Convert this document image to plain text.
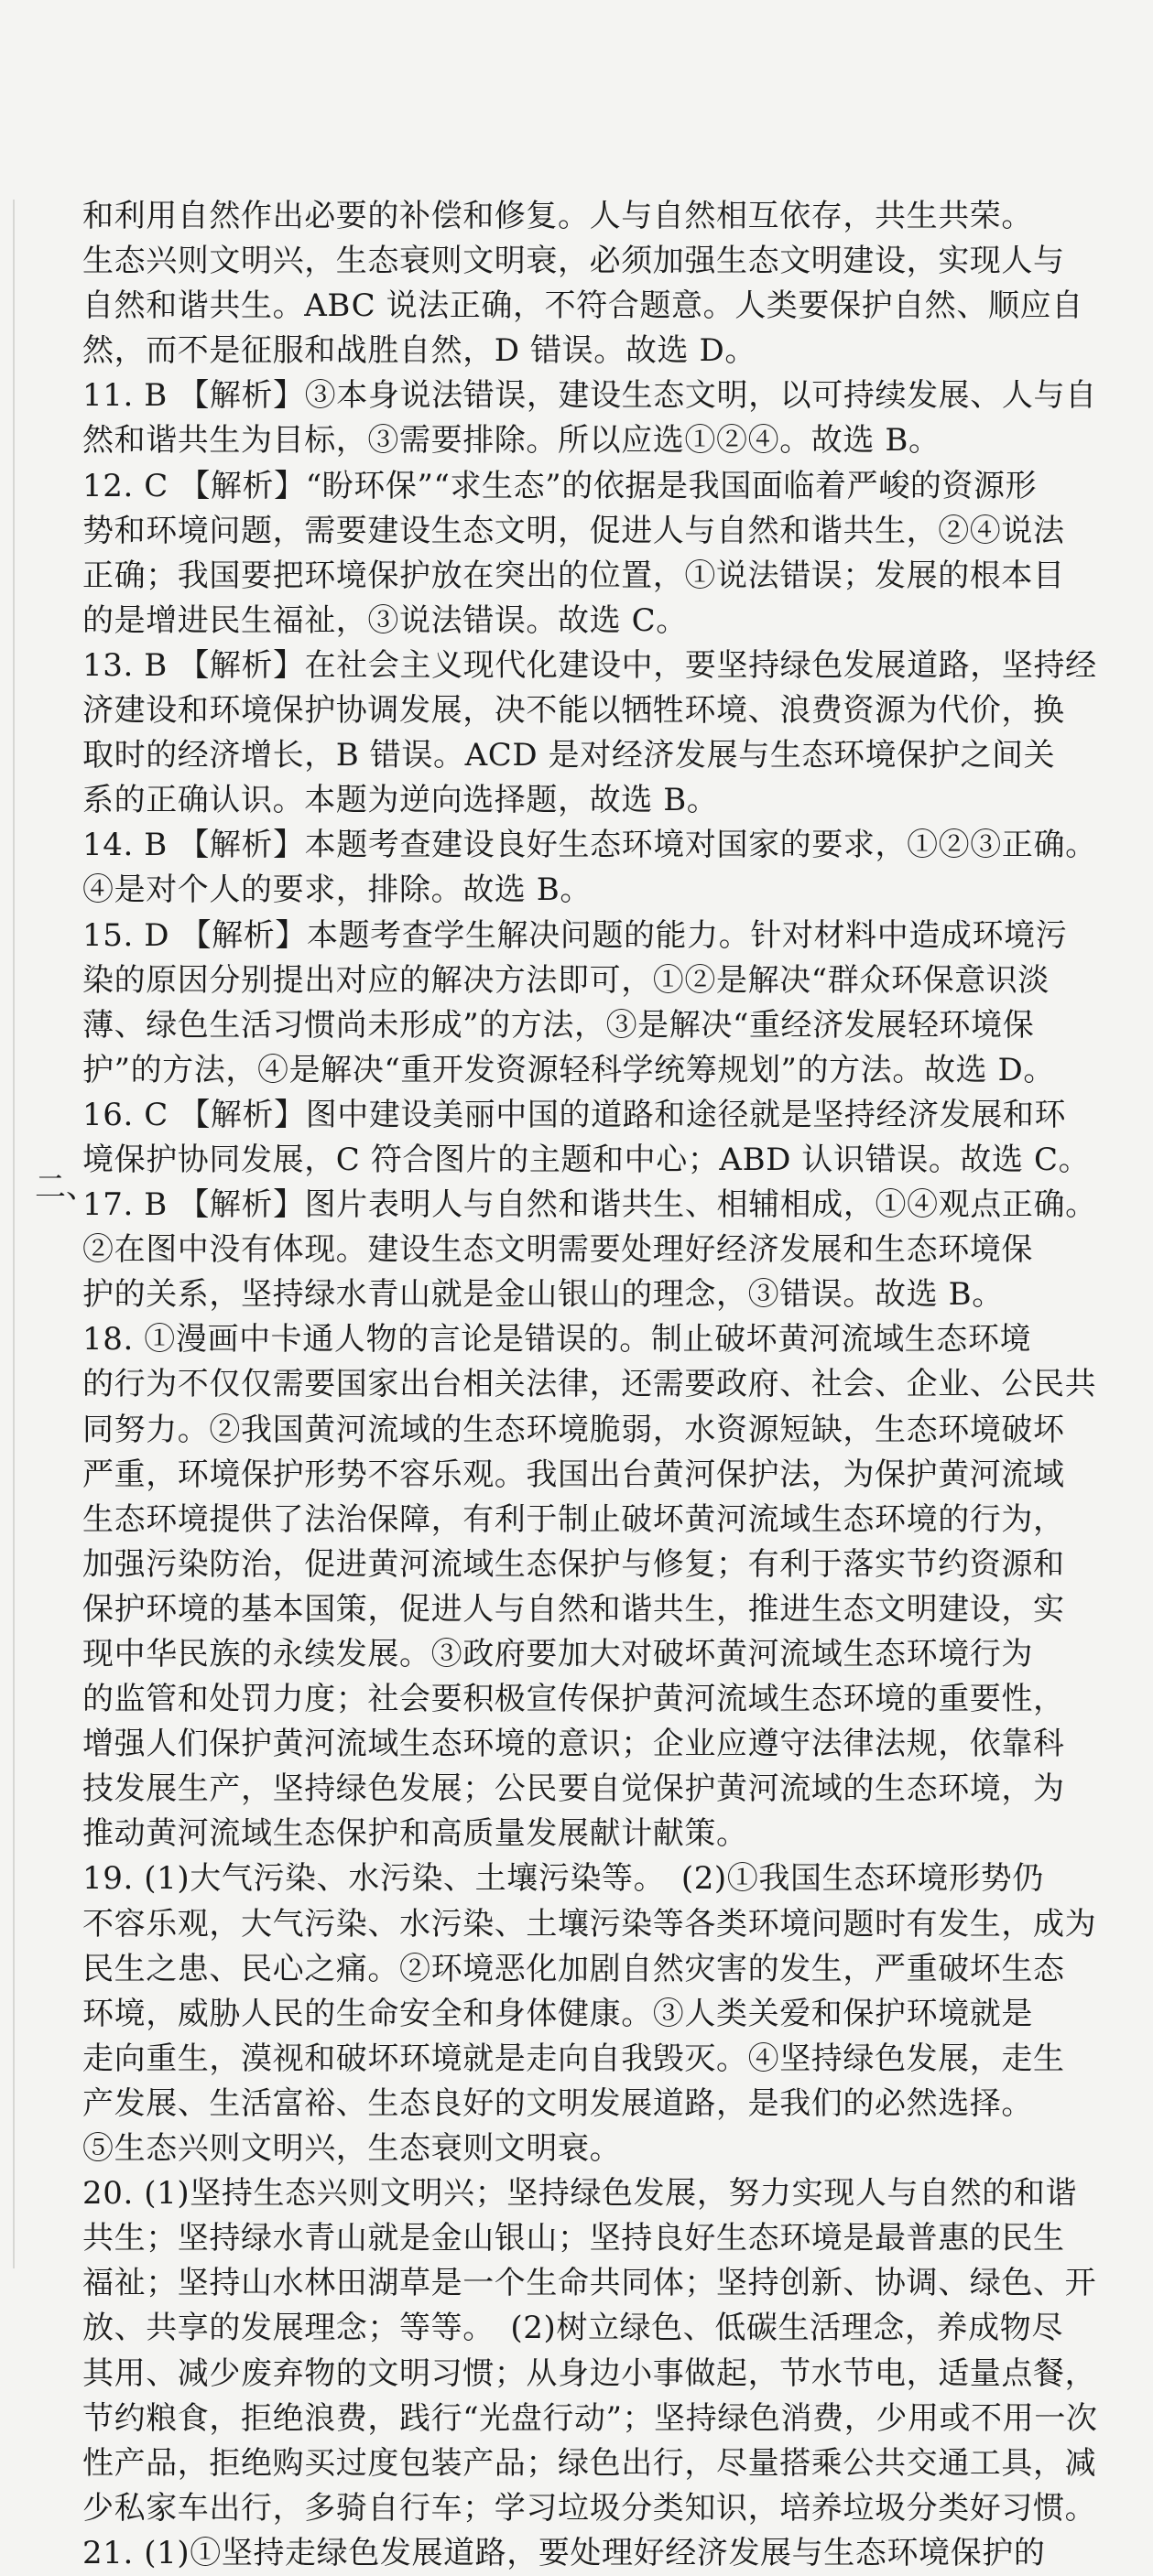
二、
和利用自然作出必要的补偿和修复。人与自然相互依存，共生共荣。
生态兴则文明兴，生态衰则文明衰，必须加强生态文明建设，实现人与
自然和谐共生。ABC 说法正确，不符合题意。人类要保护自然、顺应自
然，而不是征服和战胜自然，D 错误。故选 D。
11. B 【解析】③本身说法错误，建设生态文明，以可持续发展、人与自
然和谐共生为目标，③需要排除。所以应选①②④。故选 B。
12. C 【解析】“盼环保”“求生态”的依据是我国面临着严峻的资源形
势和环境问题，需要建设生态文明，促进人与自然和谐共生，②④说法
正确；我国要把环境保护放在突出的位置，①说法错误；发展的根本目
的是增进民生福祉，③说法错误。故选 C。
13. B 【解析】在社会主义现代化建设中，要坚持绿色发展道路，坚持经
济建设和环境保护协调发展，决不能以牺牲环境、浪费资源为代价，换
取时的经济增长，B 错误。ACD 是对经济发展与生态环境保护之间关
系的正确认识。本题为逆向选择题，故选 B。
14. B 【解析】本题考查建设良好生态环境对国家的要求，①②③正确。
④是对个人的要求，排除。故选 B。
15. D 【解析】本题考查学生解决问题的能力。针对材料中造成环境污
染的原因分别提出对应的解决方法即可，①②是解决“群众环保意识淡
薄、绿色生活习惯尚未形成”的方法，③是解决“重经济发展轻环境保
护”的方法，④是解决“重开发资源轻科学统筹规划”的方法。故选 D。
16. C 【解析】图中建设美丽中国的道路和途径就是坚持经济发展和环
境保护协同发展，C 符合图片的主题和中心；ABD 认识错误。故选 C。
17. B 【解析】图片表明人与自然和谐共生、相辅相成，①④观点正确。
②在图中没有体现。建设生态文明需要处理好经济发展和生态环境保
护的关系，坚持绿水青山就是金山银山的理念，③错误。故选 B。
18. ①漫画中卡通人物的言论是错误的。制止破坏黄河流域生态环境
的行为不仅仅需要国家出台相关法律，还需要政府、社会、企业、公民共
同努力。②我国黄河流域的生态环境脆弱，水资源短缺，生态环境破坏
严重，环境保护形势不容乐观。我国出台黄河保护法，为保护黄河流域
生态环境提供了法治保障，有利于制止破坏黄河流域生态环境的行为，
加强污染防治，促进黄河流域生态保护与修复；有利于落实节约资源和
保护环境的基本国策，促进人与自然和谐共生，推进生态文明建设，实
现中华民族的永续发展。③政府要加大对破坏黄河流域生态环境行为
的监管和处罚力度；社会要积极宣传保护黄河流域生态环境的重要性，
增强人们保护黄河流域生态环境的意识；企业应遵守法律法规，依靠科
技发展生产，坚持绿色发展；公民要自觉保护黄河流域的生态环境，为
推动黄河流域生态保护和高质量发展献计献策。
19. (1)大气污染、水污染、土壤污染等。　(2)①我国生态环境形势仍
不容乐观，大气污染、水污染、土壤污染等各类环境问题时有发生，成为
民生之患、民心之痛。②环境恶化加剧自然灾害的发生，严重破坏生态
环境，威胁人民的生命安全和身体健康。③人类关爱和保护环境就是
走向重生，漠视和破坏环境就是走向自我毁灭。④坚持绿色发展，走生
产发展、生活富裕、生态良好的文明发展道路，是我们的必然选择。
⑤生态兴则文明兴，生态衰则文明衰。
20. (1)坚持生态兴则文明兴；坚持绿色发展，努力实现人与自然的和谐
共生；坚持绿水青山就是金山银山；坚持良好生态环境是最普惠的民生
福祉；坚持山水林田湖草是一个生命共同体；坚持创新、协调、绿色、开
放、共享的发展理念；等等。　(2)树立绿色、低碳生活理念，养成物尽
其用、减少废弃物的文明习惯；从身边小事做起，节水节电，适量点餐，
节约粮食，拒绝浪费，践行“光盘行动”；坚持绿色消费，少用或不用一次
性产品，拒绝购买过度包装产品；绿色出行，尽量搭乘公共交通工具，减
少私家车出行，多骑自行车；学习垃圾分类知识，培养垃圾分类好习惯。
21. (1)①坚持走绿色发展道路，要处理好经济发展与生态环境保护的
